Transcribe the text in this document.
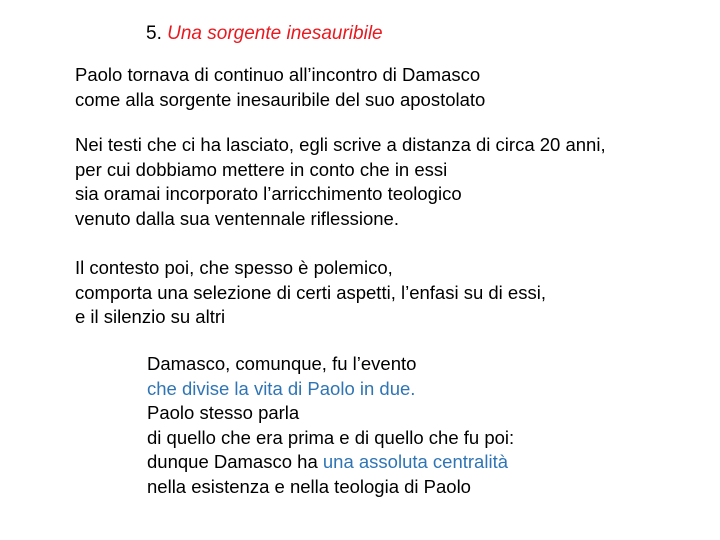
5. Una sorgente inesauribile
Paolo tornava di continuo all’incontro di Damasco
come alla sorgente inesauribile del suo apostolato
Nei testi che ci ha lasciato, egli scrive a distanza di circa 20 anni,
per cui dobbiamo mettere in conto che in essi
sia oramai incorporato l’arricchimento teologico
venuto dalla sua ventennale riflessione.
Il contesto poi, che spesso è polemico,
comporta una selezione di certi aspetti, l’enfasi su di essi,
e il silenzio su altri
Damasco, comunque, fu l’evento
che divise la vita di Paolo in due.
Paolo stesso parla
di quello che era prima e di quello che fu poi:
dunque Damasco ha una assoluta centralità
nella esistenza e nella teologia di Paolo
